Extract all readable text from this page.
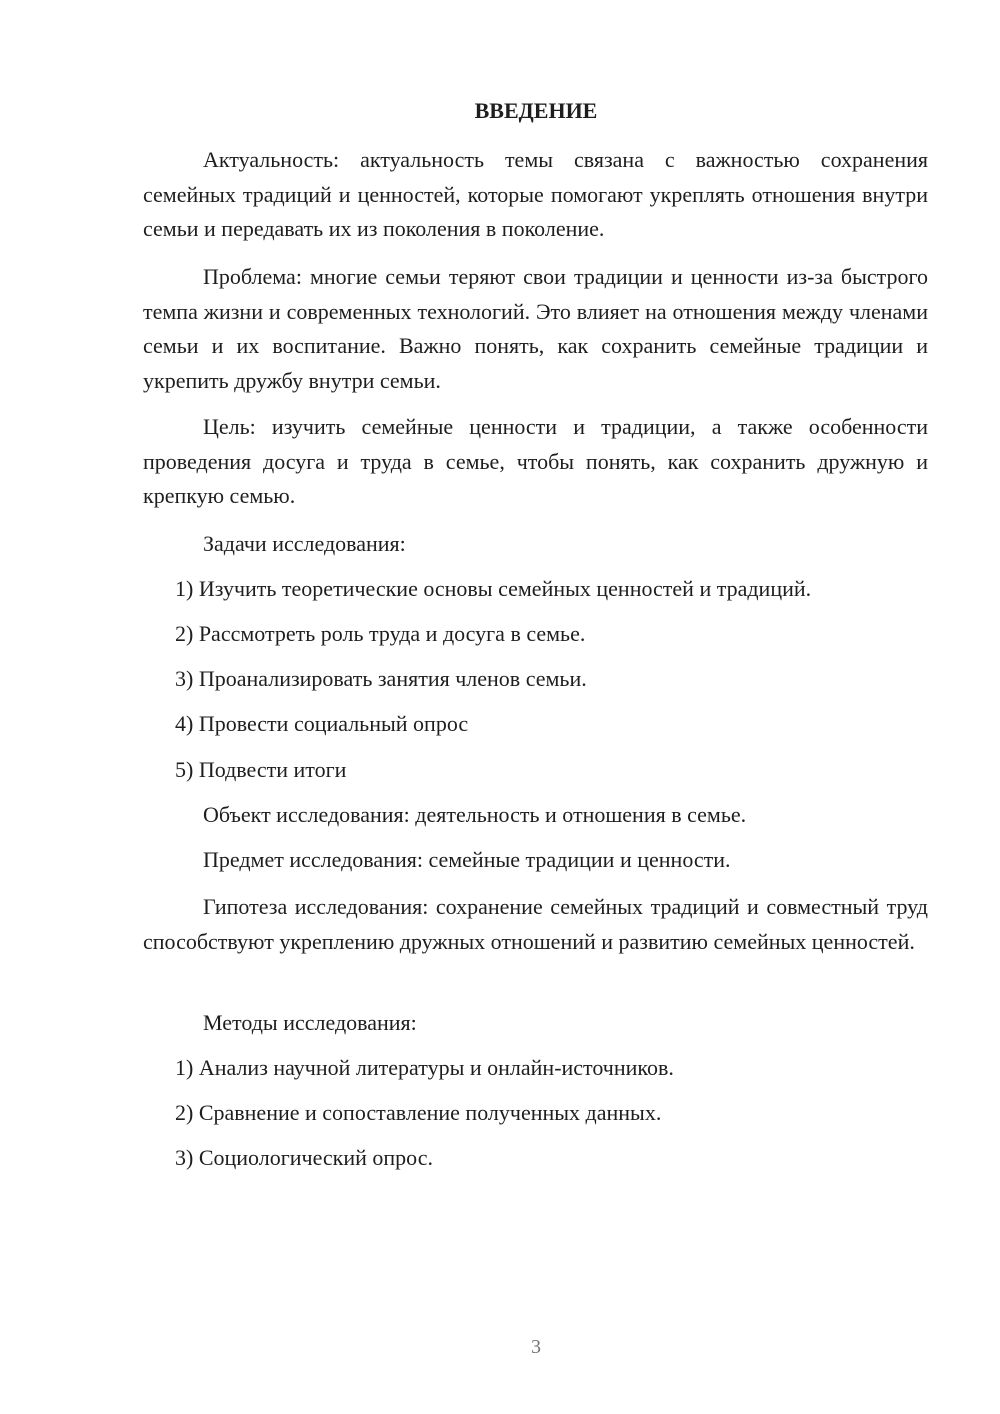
ВВЕДЕНИЕ

Актуальность: актуальность темы связана с важностью сохранения семейных традиций и ценностей, которые помогают укреплять отношения внутри семьи и передавать их из поколения в поколение.

Проблема: многие семьи теряют свои традиции и ценности из-за быстрого темпа жизни и современных технологий. Это влияет на отношения между членами семьи и их воспитание. Важно понять, как сохранить семейные традиции и укрепить дружбу внутри семьи.

Цель: изучить семейные ценности и традиции, а также особенности проведения досуга и труда в семье, чтобы понять, как сохранить дружную и крепкую семью.

Задачи исследования:

1) Изучить теоретические основы семейных ценностей и традиций.

2) Рассмотреть роль труда и досуга в семье.

3) Проанализировать занятия членов семьи.

4) Провести социальный опрос

5) Подвести итоги

Объект исследования: деятельность и отношения в семье.

Предмет исследования: семейные традиции и ценности.

Гипотеза исследования: сохранение семейных традиций и совместный труд способствуют укреплению дружных отношений и развитию семейных ценностей.

Методы исследования:

1) Анализ научной литературы и онлайн-источников.

2) Сравнение и сопоставление полученных данных.

3) Социологический опрос.

3
